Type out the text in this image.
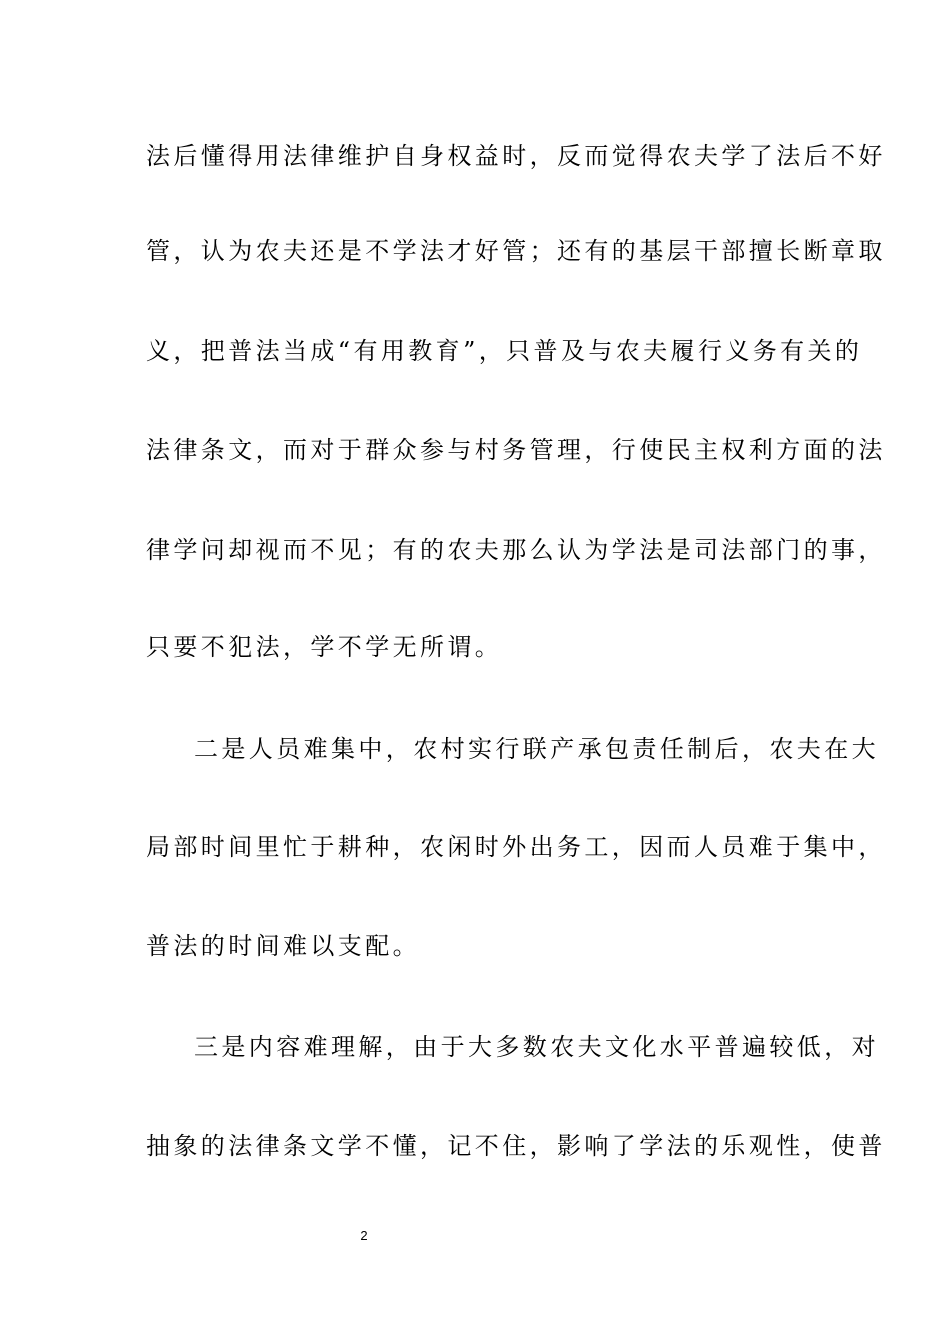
法后懂得用法律维护自身权益时，反而觉得农夫学了法后不好
管，认为农夫还是不学法才好管；还有的基层干部擅长断章取
义，把普法当成“有用教育”，只普及与农夫履行义务有关的
法律条文，而对于群众参与村务管理，行使民主权利方面的法
律学问却视而不见；有的农夫那么认为学法是司法部门的事，
只要不犯法，学不学无所谓。
二是人员难集中，农村实行联产承包责任制后，农夫在大
局部时间里忙于耕种，农闲时外出务工，因而人员难于集中，
普法的时间难以支配。
三是内容难理解，由于大多数农夫文化水平普遍较低，对
抽象的法律条文学不懂，记不住，影响了学法的乐观性，使普
2
